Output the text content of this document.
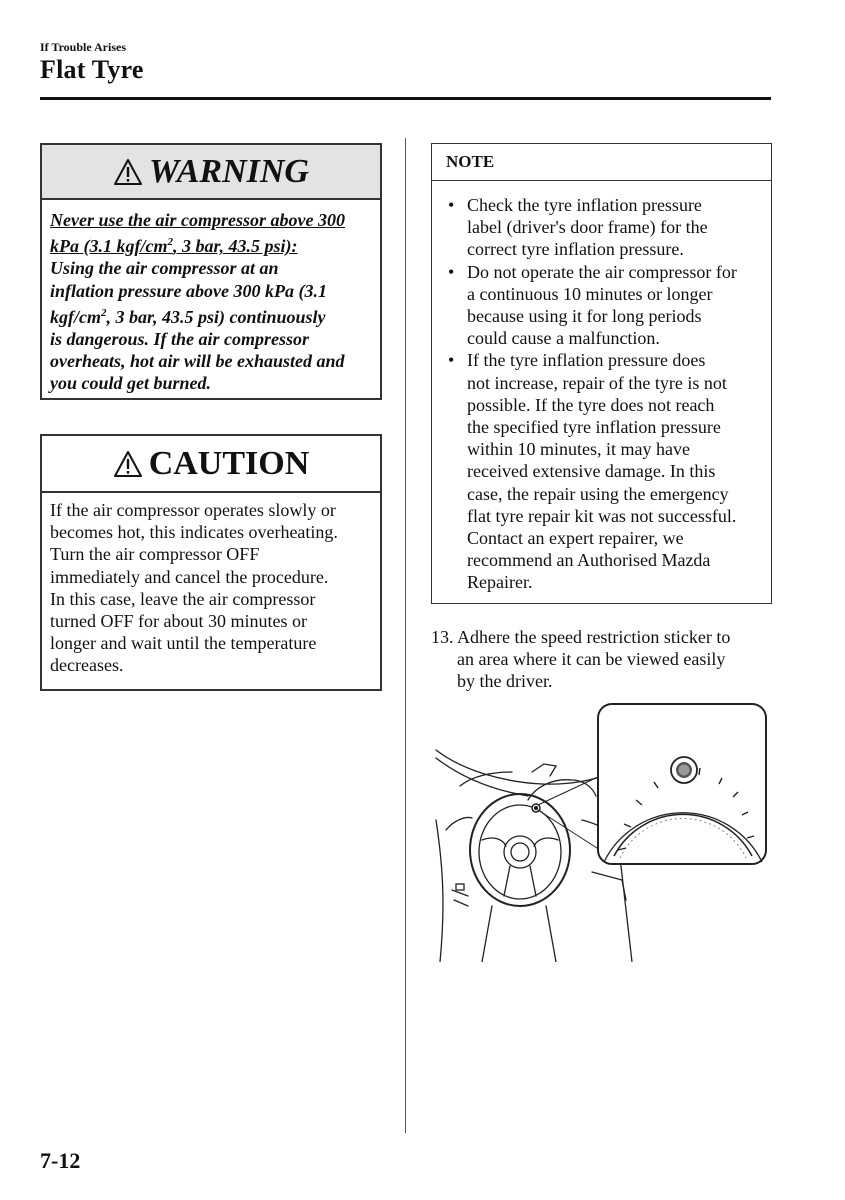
If Trouble Arises
Flat Tyre
WARNING
Never use the air compressor above 300
kPa (3.1 kgf/$cm^2$, 3 bar, 43.5 psi):
Using the air compressor at an
inflation pressure above 300 kPa (3.1
kgf/$cm^2$, 3 bar, 43.5 psi) continuously
is dangerous. If the air compressor
overheats, hot air will be exhausted and
you could get burned.
CAUTION
If the air compressor operates slowly or
becomes hot, this indicates overheating.
Turn the air compressor OFF
immediately and cancel the procedure.
In this case, leave the air compressor
turned OFF for about 30 minutes or
longer and wait until the temperature
decreases.
NOTE
• Check the tyre inflation pressure
label (driver's door frame) for the
correct tyre inflation pressure.
• Do not operate the air compressor for
a continuous 10 minutes or longer
because using it for long periods
could cause a malfunction.
• If the tyre inflation pressure does
not increase, repair of the tyre is not
possible. If the tyre does not reach
the specified tyre inflation pressure
within 10 minutes, it may have
received extensive damage. In this
case, the repair using the emergency
flat tyre repair kit was not successful.
Contact an expert repairer, we
recommend an Authorised Mazda
Repairer.
13. Adhere the speed restriction sticker to
an area where it can be viewed easily
by the driver.
7-12
